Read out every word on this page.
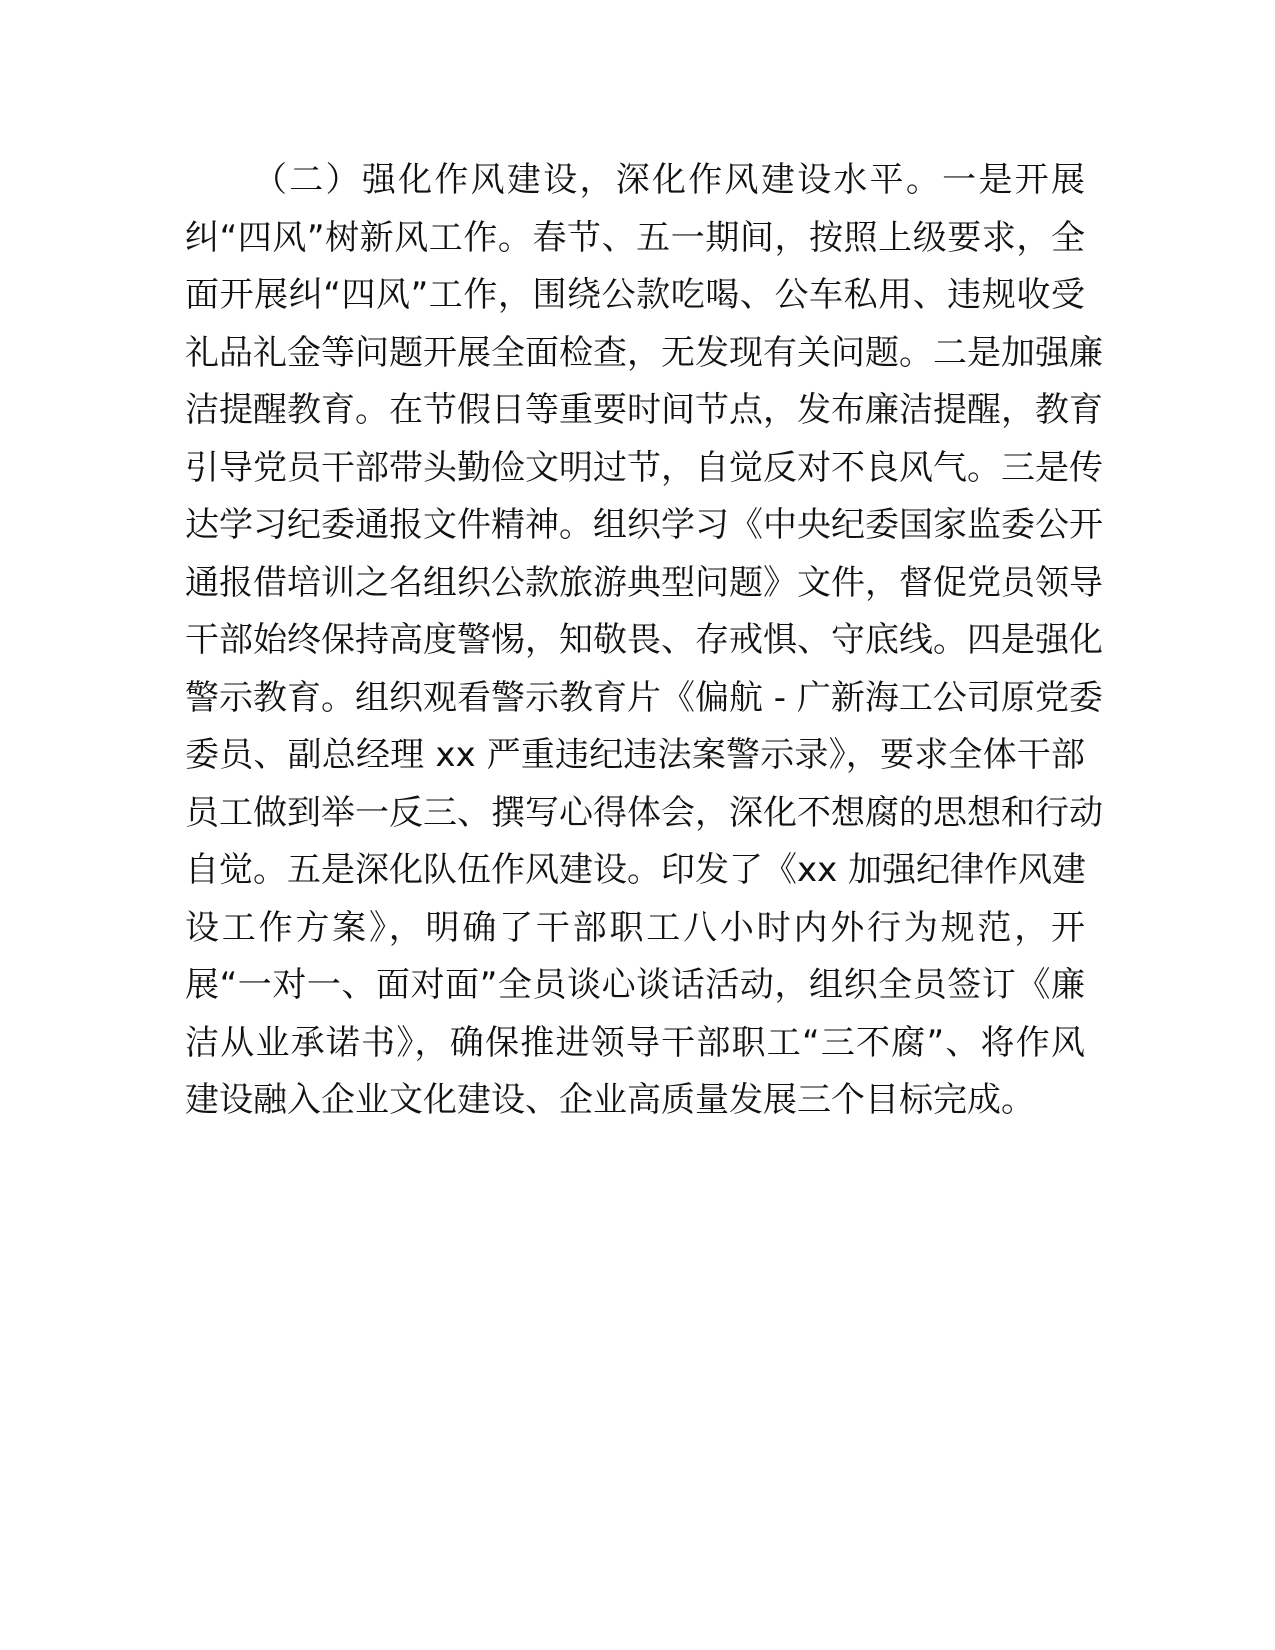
（二）强化作风建设，深化作风建设水平。一是开展
纠“四风”树新风工作。春节、五一期间，按照上级要求，全
面开展纠“四风”工作，围绕公款吃喝、公车私用、违规收受
礼品礼金等问题开展全面检查，无发现有关问题。二是加强廉
洁提醒教育。在节假日等重要时间节点，发布廉洁提醒，教育
引导党员干部带头勤俭文明过节，自觉反对不良风气。三是传
达学习纪委通报文件精神。组织学习《中央纪委国家监委公开
通报借培训之名组织公款旅游典型问题》文件，督促党员领导
干部始终保持高度警惕，知敬畏、存戒惧、守底线。四是强化
警示教育。组织观看警示教育片《偏航 - 广新海工公司原党委
委员、副总经理 xx 严重违纪违法案警示录》，要求全体干部
员工做到举一反三、撰写心得体会，深化不想腐的思想和行动
自觉。五是深化队伍作风建设。印发了《xx 加强纪律作风建
设工作方案》，明确了干部职工八小时内外行为规范，开
展“一对一、面对面”全员谈心谈话活动，组织全员签订《廉
洁从业承诺书》，确保推进领导干部职工“三不腐”、将作风
建设融入企业文化建设、企业高质量发展三个目标完成。
